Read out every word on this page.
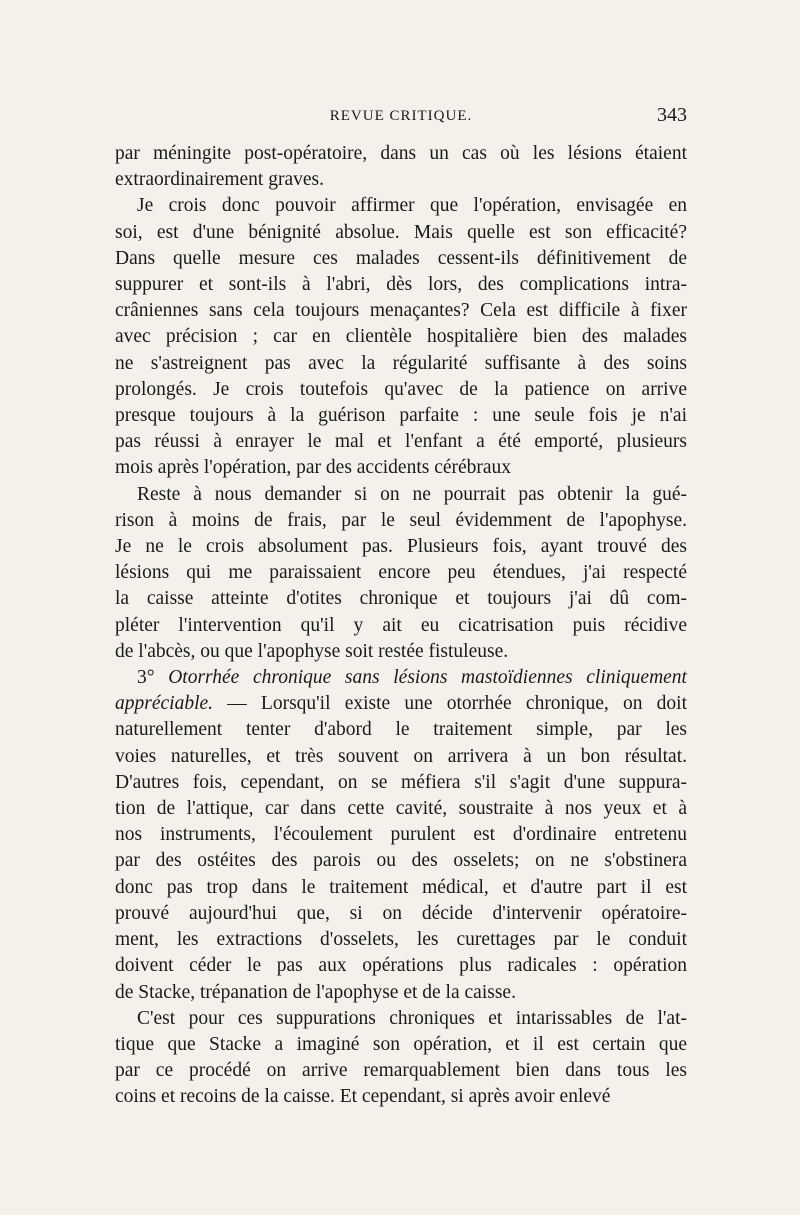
REVUE CRITIQUE.	343
par méningite post-opératoire, dans un cas où les lésions étaient
extraordinairement graves.
Je crois donc pouvoir affirmer que l'opération, envisagée en
soi, est d'une bénignité absolue. Mais quelle est son efficacité?
Dans quelle mesure ces malades cessent-ils définitivement de
suppurer et sont-ils à l'abri, dès lors, des complications intra-
crâniennes sans cela toujours menaçantes? Cela est difficile à fixer
avec précision ; car en clientèle hospitalière bien des malades
ne s'astreignent pas avec la régularité suffisante à des soins
prolongés. Je crois toutefois qu'avec de la patience on arrive
presque toujours à la guérison parfaite : une seule fois je n'ai
pas réussi à enrayer le mal et l'enfant a été emporté, plusieurs
mois après l'opération, par des accidents cérébraux
Reste à nous demander si on ne pourrait pas obtenir la gué-
rison à moins de frais, par le seul évidemment de l'apophyse.
Je ne le crois absolument pas. Plusieurs fois, ayant trouvé des
lésions qui me paraissaient encore peu étendues, j'ai respecté
la caisse atteinte d'otites chronique et toujours j'ai dû com-
pléter l'intervention qu'il y ait eu cicatrisation puis récidive
de l'abcès, ou que l'apophyse soit restée fistuleuse.
3° Otorrhée chronique sans lésions mastoïdiennes cliniquement
appréciable. — Lorsqu'il existe une otorrhée chronique, on doit
naturellement tenter d'abord le traitement simple, par les
voies naturelles, et très souvent on arrivera à un bon résultat.
D'autres fois, cependant, on se méfiera s'il s'agit d'une suppura-
tion de l'attique, car dans cette cavité, soustraite à nos yeux et à
nos instruments, l'écoulement purulent est d'ordinaire entretenu
par des ostéites des parois ou des osselets; on ne s'obstinera
donc pas trop dans le traitement médical, et d'autre part il est
prouvé aujourd'hui que, si on décide d'intervenir opératoire-
ment, les extractions d'osselets, les curettages par le conduit
doivent céder le pas aux opérations plus radicales : opération
de Stacke, trépanation de l'apophyse et de la caisse.
C'est pour ces suppurations chroniques et intarissables de l'at-
tique que Stacke a imaginé son opération, et il est certain que
par ce procédé on arrive remarquablement bien dans tous les
coins et recoins de la caisse. Et cependant, si après avoir enlevé
